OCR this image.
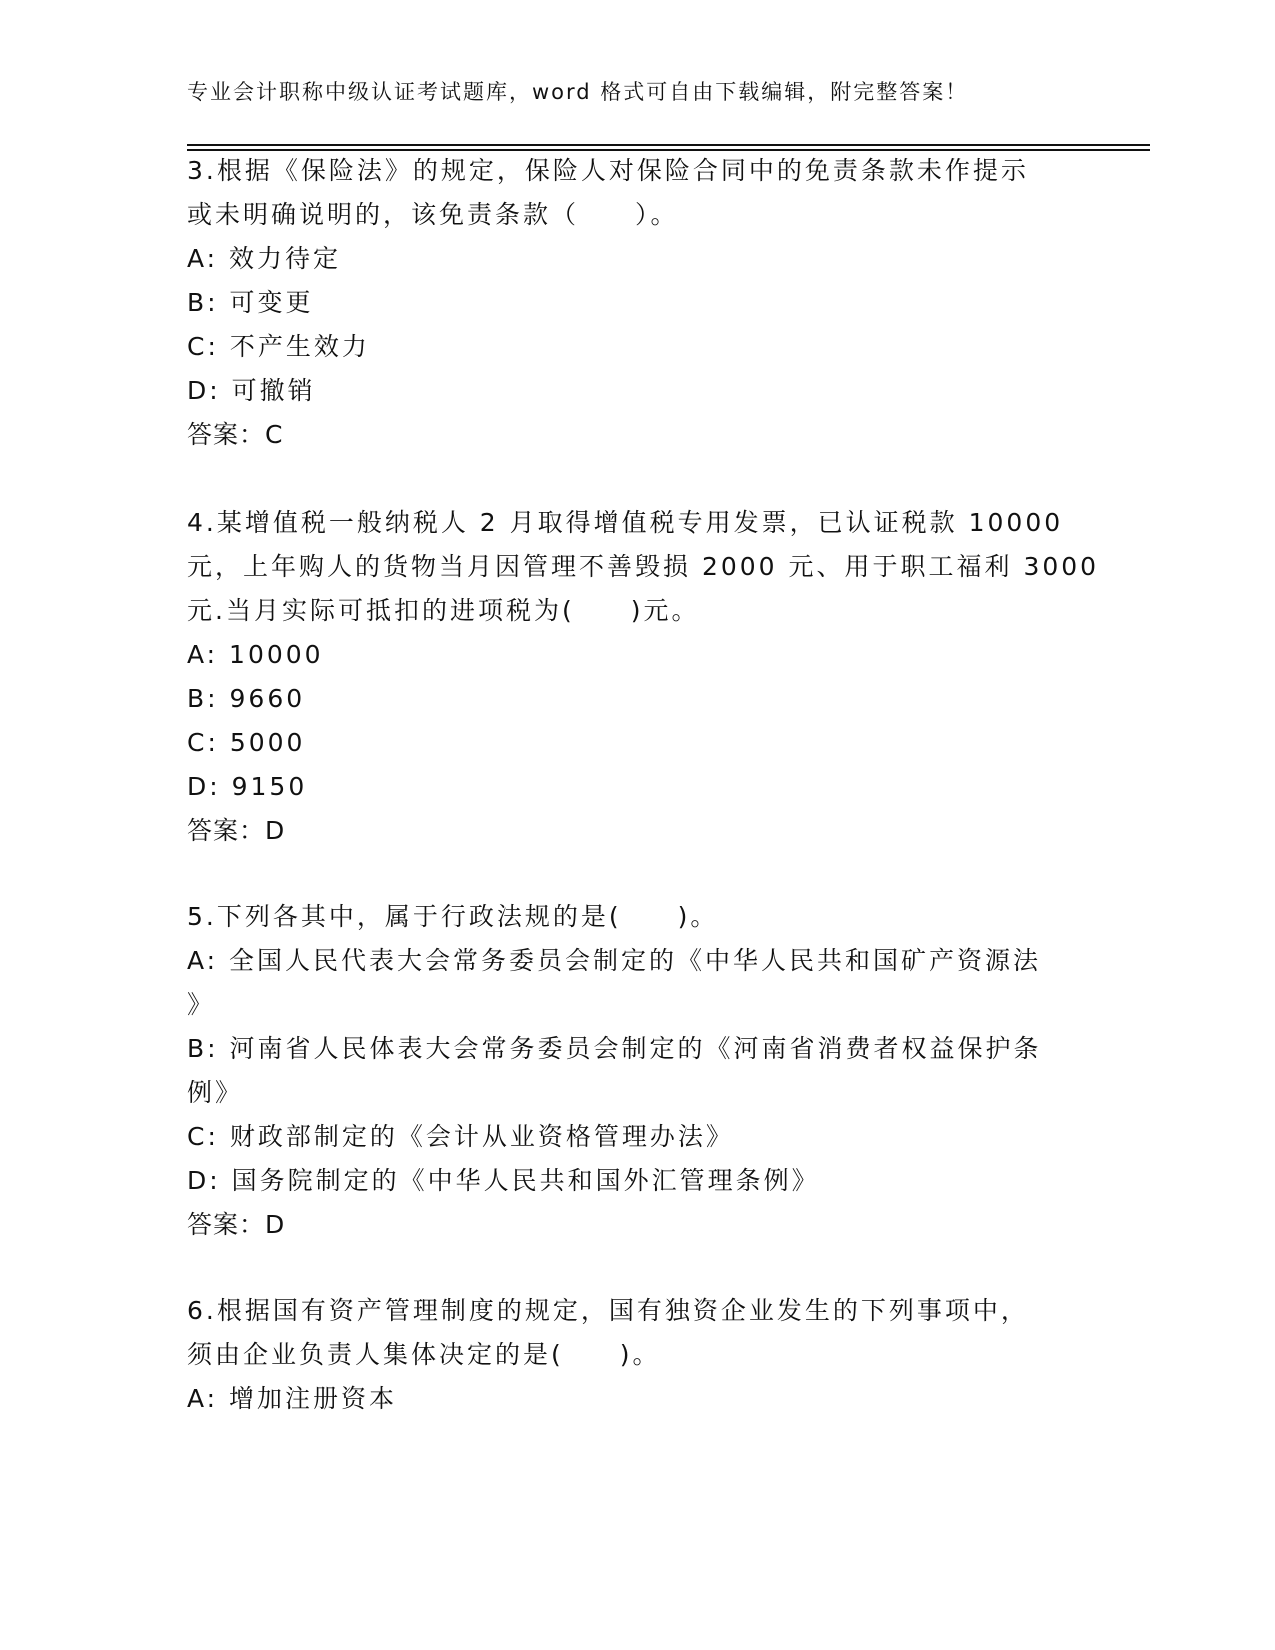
专业会计职称中级认证考试题库，word 格式可自由下载编辑，附完整答案！
3.根据《保险法》的规定，保险人对保险合同中的免责条款未作提示
或未明确说明的，该免责条款（　　）。
A: 效力待定
B: 可变更
C: 不产生效力
D: 可撤销
答案：C
4.某增值税一般纳税人 2 月取得增值税专用发票，已认证税款 10000
元，上年购人的货物当月因管理不善毁损 2000 元、用于职工福利 3000
元.当月实际可抵扣的进项税为(　　)元。
A: 10000
B: 9660
C: 5000
D: 9150
答案：D
5.下列各其中，属于行政法规的是(　　)。
A: 全国人民代表大会常务委员会制定的《中华人民共和国矿产资源法
》
B: 河南省人民体表大会常务委员会制定的《河南省消费者权益保护条
例》
C: 财政部制定的《会计从业资格管理办法》
D: 国务院制定的《中华人民共和国外汇管理条例》
答案：D
6.根据国有资产管理制度的规定，国有独资企业发生的下列事项中，
须由企业负责人集体决定的是(　　)。
A: 增加注册资本
